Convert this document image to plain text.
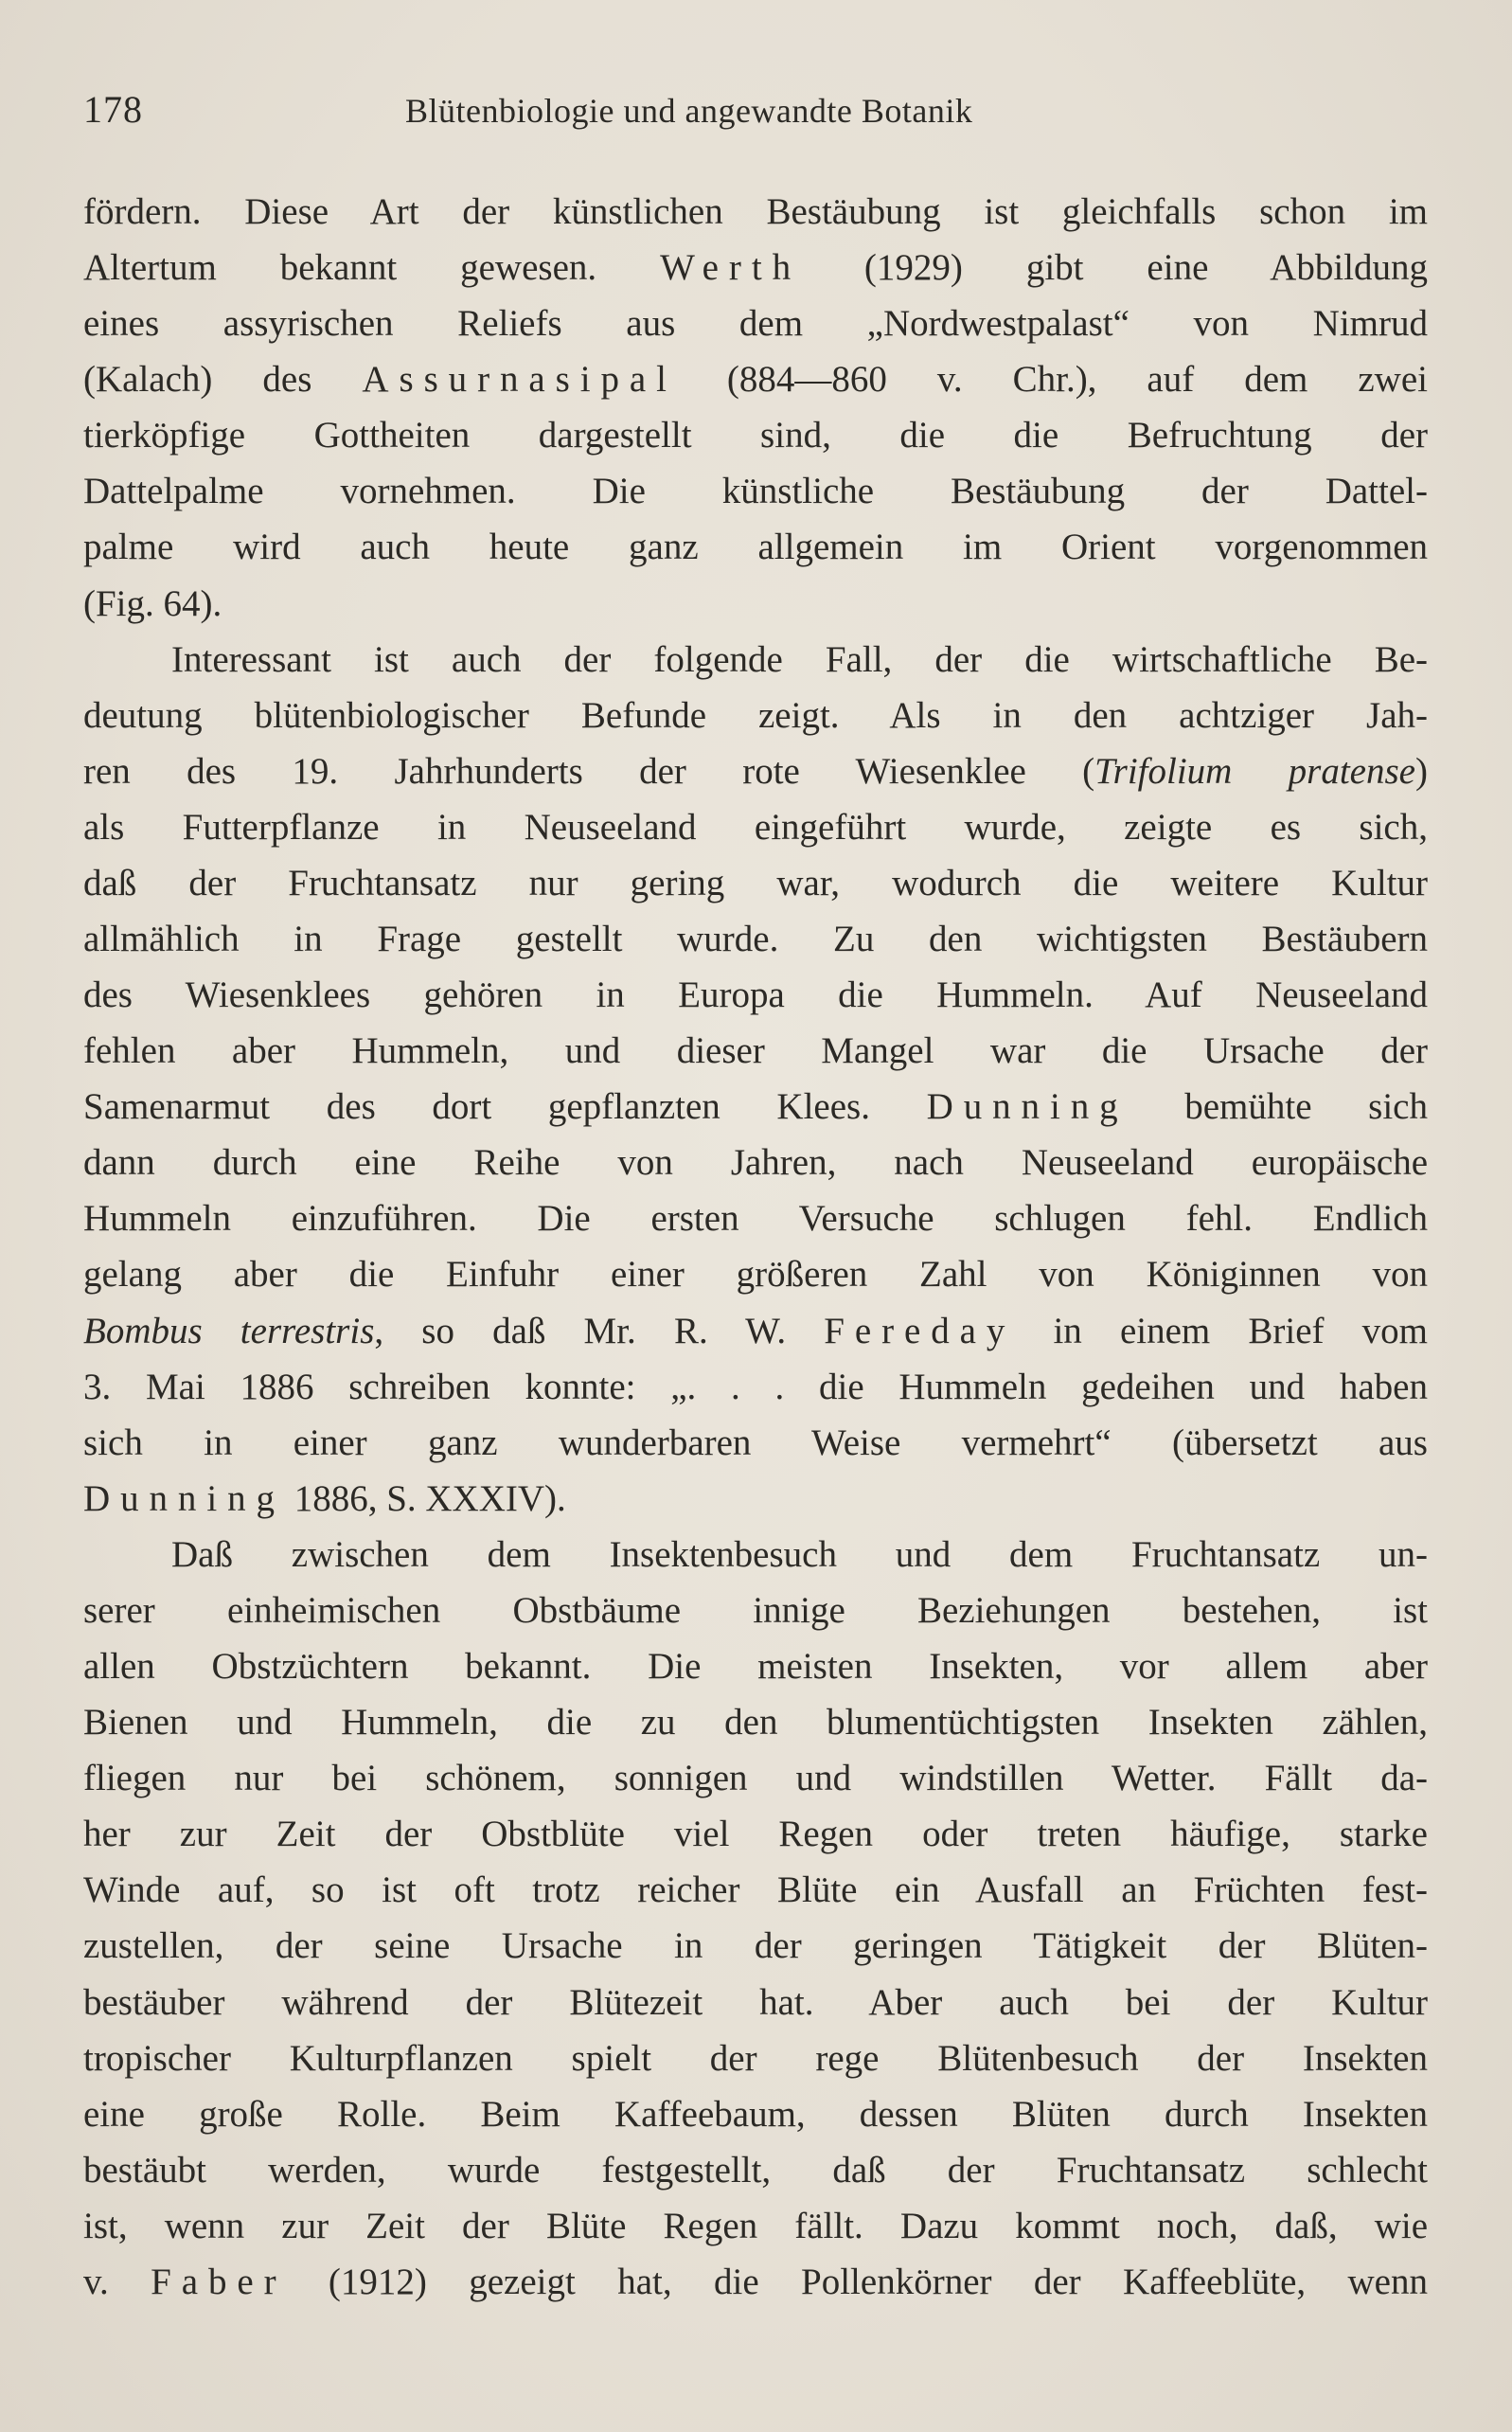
178	Blütenbiologie und angewandte Botanik
fördern. Diese Art der künstlichen Bestäubung ist gleichfalls schon im
Altertum bekannt gewesen. Werth (1929) gibt eine Abbildung
eines assyrischen Reliefs aus dem „Nordwestpalast“ von Nimrud
(Kalach) des Assurnasipal (884—860 v. Chr.), auf dem zwei
tierköpfige Gottheiten dargestellt sind, die die Befruchtung der
Dattelpalme vornehmen. Die künstliche Bestäubung der Dattel-
palme wird auch heute ganz allgemein im Orient vorgenommen
(Fig. 64).
Interessant ist auch der folgende Fall, der die wirtschaftliche Be-
deutung blütenbiologischer Befunde zeigt. Als in den achtziger Jah-
ren des 19. Jahrhunderts der rote Wiesenklee (Trifolium pratense)
als Futterpflanze in Neuseeland eingeführt wurde, zeigte es sich,
daß der Fruchtansatz nur gering war, wodurch die weitere Kultur
allmählich in Frage gestellt wurde. Zu den wichtigsten Bestäubern
des Wiesenklees gehören in Europa die Hummeln. Auf Neuseeland
fehlen aber Hummeln, und dieser Mangel war die Ursache der
Samenarmut des dort gepflanzten Klees. Dunning bemühte sich
dann durch eine Reihe von Jahren, nach Neuseeland europäische
Hummeln einzuführen. Die ersten Versuche schlugen fehl. Endlich
gelang aber die Einfuhr einer größeren Zahl von Königinnen von
Bombus terrestris, so daß Mr. R. W. Fereday in einem Brief vom
3. Mai 1886 schreiben konnte: „. . . die Hummeln gedeihen und haben
sich in einer ganz wunderbaren Weise vermehrt“ (übersetzt aus
Dunning 1886, S. XXXIV).
Daß zwischen dem Insektenbesuch und dem Fruchtansatz un-
serer einheimischen Obstbäume innige Beziehungen bestehen, ist
allen Obstzüchtern bekannt. Die meisten Insekten, vor allem aber
Bienen und Hummeln, die zu den blumentüchtigsten Insekten zählen,
fliegen nur bei schönem, sonnigen und windstillen Wetter. Fällt da-
her zur Zeit der Obstblüte viel Regen oder treten häufige, starke
Winde auf, so ist oft trotz reicher Blüte ein Ausfall an Früchten fest-
zustellen, der seine Ursache in der geringen Tätigkeit der Blüten-
bestäuber während der Blütezeit hat. Aber auch bei der Kultur
tropischer Kulturpflanzen spielt der rege Blütenbesuch der Insekten
eine große Rolle. Beim Kaffeebaum, dessen Blüten durch Insekten
bestäubt werden, wurde festgestellt, daß der Fruchtansatz schlecht
ist, wenn zur Zeit der Blüte Regen fällt. Dazu kommt noch, daß, wie
v. Faber (1912) gezeigt hat, die Pollenkörner der Kaffeeblüte, wenn
